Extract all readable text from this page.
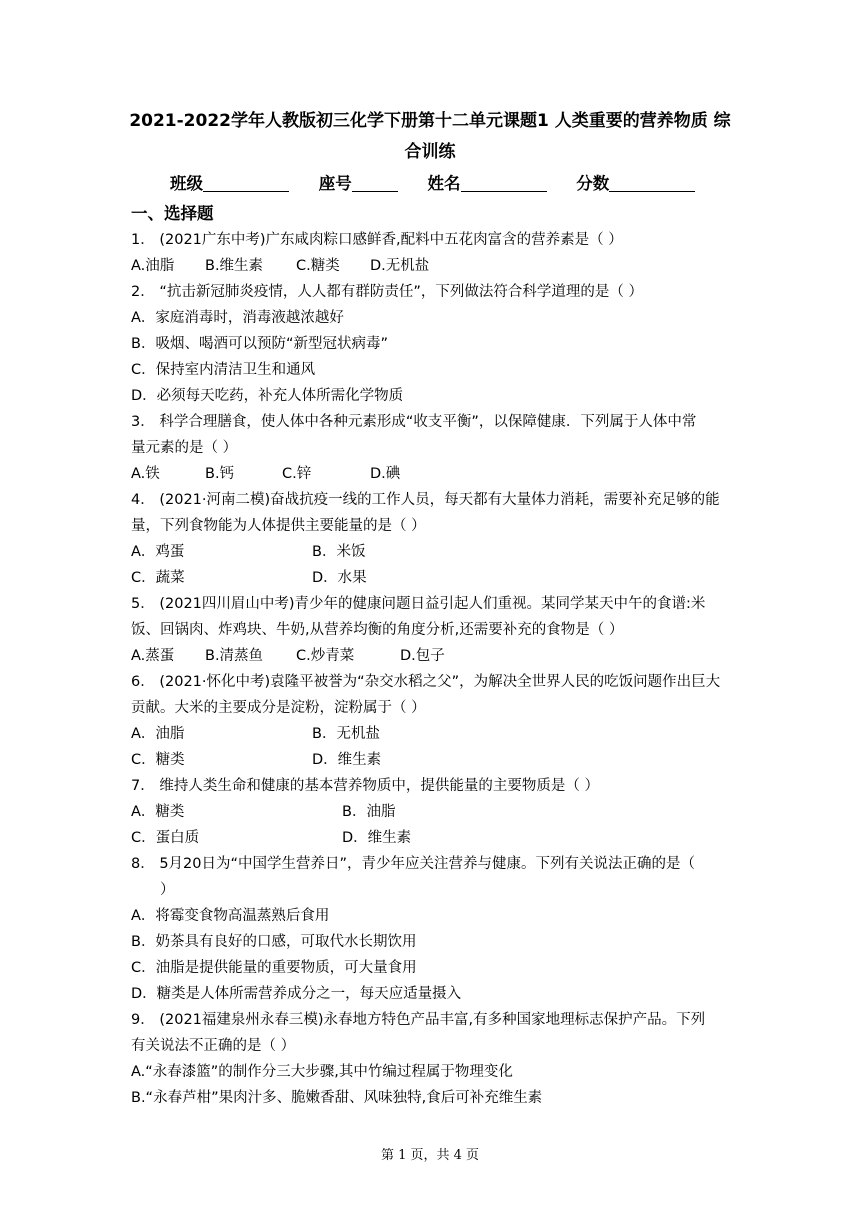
2021-2022学年人教版初三化学下册第十二单元课题1 人类重要的营养物质 综
合训练
班级	座号	姓名	分数
一、选择题
1． (2021广东中考)广东咸肉粽口感鲜香,配料中五花肉富含的营养素是（ ）
A.油脂 B.维生素 C.糖类 D.无机盐
2． “抗击新冠肺炎疫情，人人都有群防责任”，下列做法符合科学道理的是（ ）
A．家庭消毒时，消毒液越浓越好
B．吸烟、喝酒可以预防“新型冠状病毒”
C．保持室内清洁卫生和通风
D．必须每天吃药，补充人体所需化学物质
3． 科学合理膳食，使人体中各种元素形成“收支平衡”，以保障健康．下列属于人体中常
量元素的是（ ）
A.铁	B.钙	C.锌	D.碘
4． (2021·河南二模)奋战抗疫一线的工作人员，每天都有大量体力消耗，需要补充足够的能
量，下列食物能为人体提供主要能量的是（ ）
A．鸡蛋	B．米饭
C．蔬菜	D．水果
5． (2021四川眉山中考)青少年的健康问题日益引起人们重视。某同学某天中午的食谱:米
饭、回锅肉、炸鸡块、牛奶,从营养均衡的角度分析,还需要补充的食物是（ ）
A.蒸蛋 B.清蒸鱼 C.炒青菜	D.包子
6． (2021·怀化中考)袁隆平被誉为“杂交水稻之父”，为解决全世界人民的吃饭问题作出巨大
贡献。大米的主要成分是淀粉，淀粉属于（ ）
A．油脂	B．无机盐
C．糖类	D．维生素
7． 维持人类生命和健康的基本营养物质中，提供能量的主要物质是（ ）
A．糖类	B．油脂
C．蛋白质	D．维生素
8． 5月20日为“中国学生营养日”，青少年应关注营养与健康。下列有关说法正确的是（
）
A．将霉变食物高温蒸熟后食用
B．奶茶具有良好的口感，可取代水长期饮用
C．油脂是提供能量的重要物质，可大量食用
D．糖类是人体所需营养成分之一，每天应适量摄入
9． (2021福建泉州永春三模)永春地方特色产品丰富,有多种国家地理标志保护产品。下列
有关说法不正确的是（ ）
A.“永春漆篮”的制作分三大步骤,其中竹编过程属于物理变化
B.“永春芦柑”果肉汁多、脆嫩香甜、风味独特,食后可补充维生素
第 1 页，共 4 页
